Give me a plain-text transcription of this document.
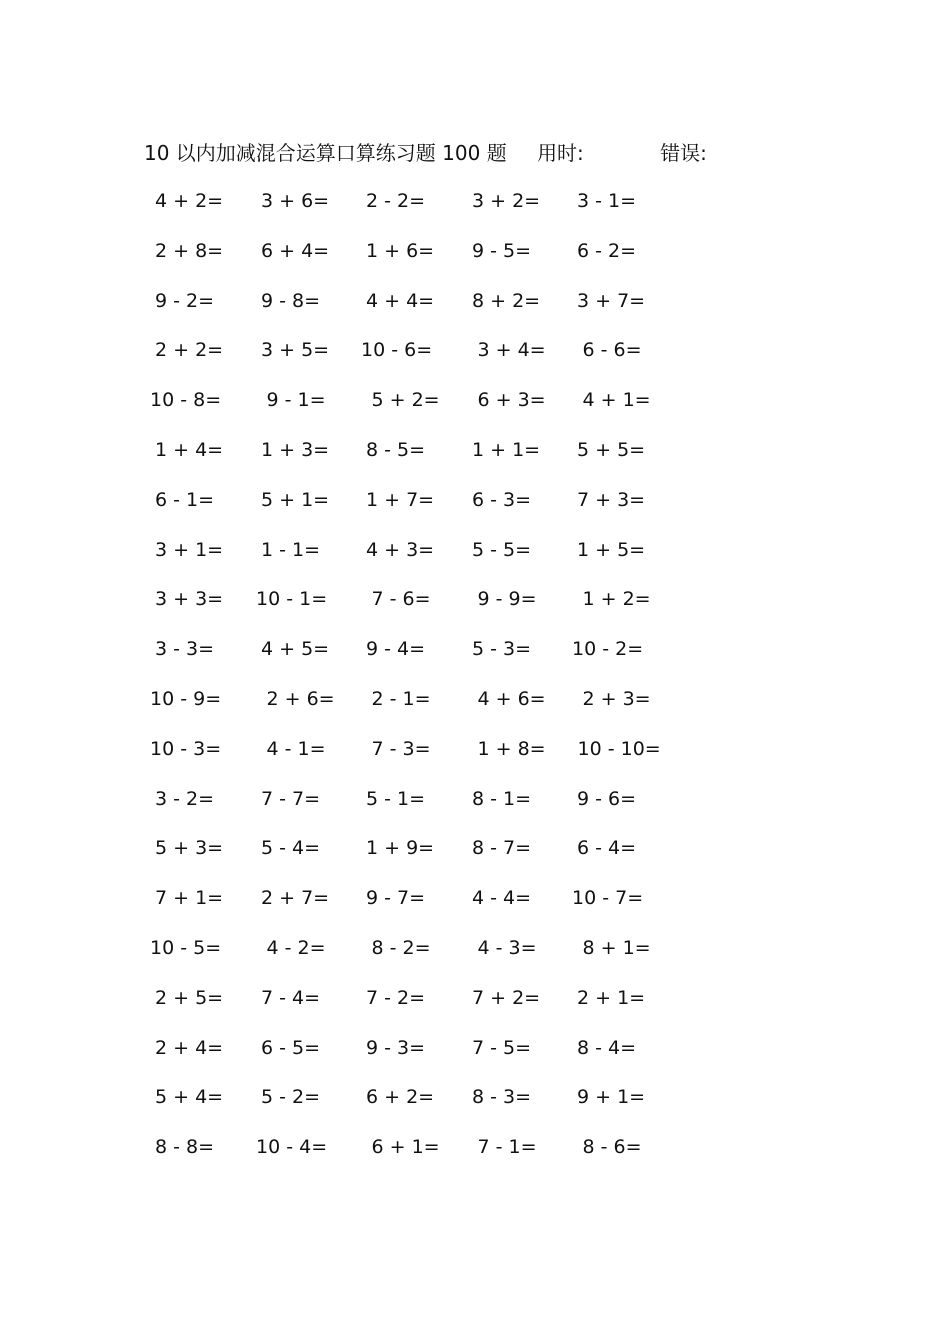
10 以内加减混合运算口算练习题 100 题 用时:	错误:
4 + 2= 3 + 6= 2 - 2= 3 + 2= 3 - 1=
2 + 8= 6 + 4= 1 + 6= 9 - 5= 6 - 2=
9 - 2= 9 - 8= 4 + 4= 8 + 2= 3 + 7=
2 + 2= 3 + 5= 10 - 6= 3 + 4= 6 - 6=
10 - 8= 9 - 1= 5 + 2= 6 + 3= 4 + 1=
1 + 4= 1 + 3= 8 - 5= 1 + 1= 5 + 5=
6 - 1= 5 + 1= 1 + 7= 6 - 3= 7 + 3=
3 + 1= 1 - 1= 4 + 3= 5 - 5= 1 + 5=
3 + 3= 10 - 1= 7 - 6= 9 - 9= 1 + 2=
3 - 3= 4 + 5= 9 - 4= 5 - 3= 10 - 2=
10 - 9= 2 + 6= 2 - 1= 4 + 6= 2 + 3=
10 - 3= 4 - 1= 7 - 3= 1 + 8= 10 - 10=
3 - 2= 7 - 7= 5 - 1= 8 - 1= 9 - 6=
5 + 3= 5 - 4= 1 + 9= 8 - 7= 6 - 4=
7 + 1= 2 + 7= 9 - 7= 4 - 4= 10 - 7=
10 - 5= 4 - 2= 8 - 2= 4 - 3= 8 + 1=
2 + 5= 7 - 4= 7 - 2= 7 + 2= 2 + 1=
2 + 4= 6 - 5= 9 - 3= 7 - 5= 8 - 4=
5 + 4= 5 - 2= 6 + 2= 8 - 3= 9 + 1=
8 - 8= 10 - 4= 6 + 1= 7 - 1= 8 - 6=
